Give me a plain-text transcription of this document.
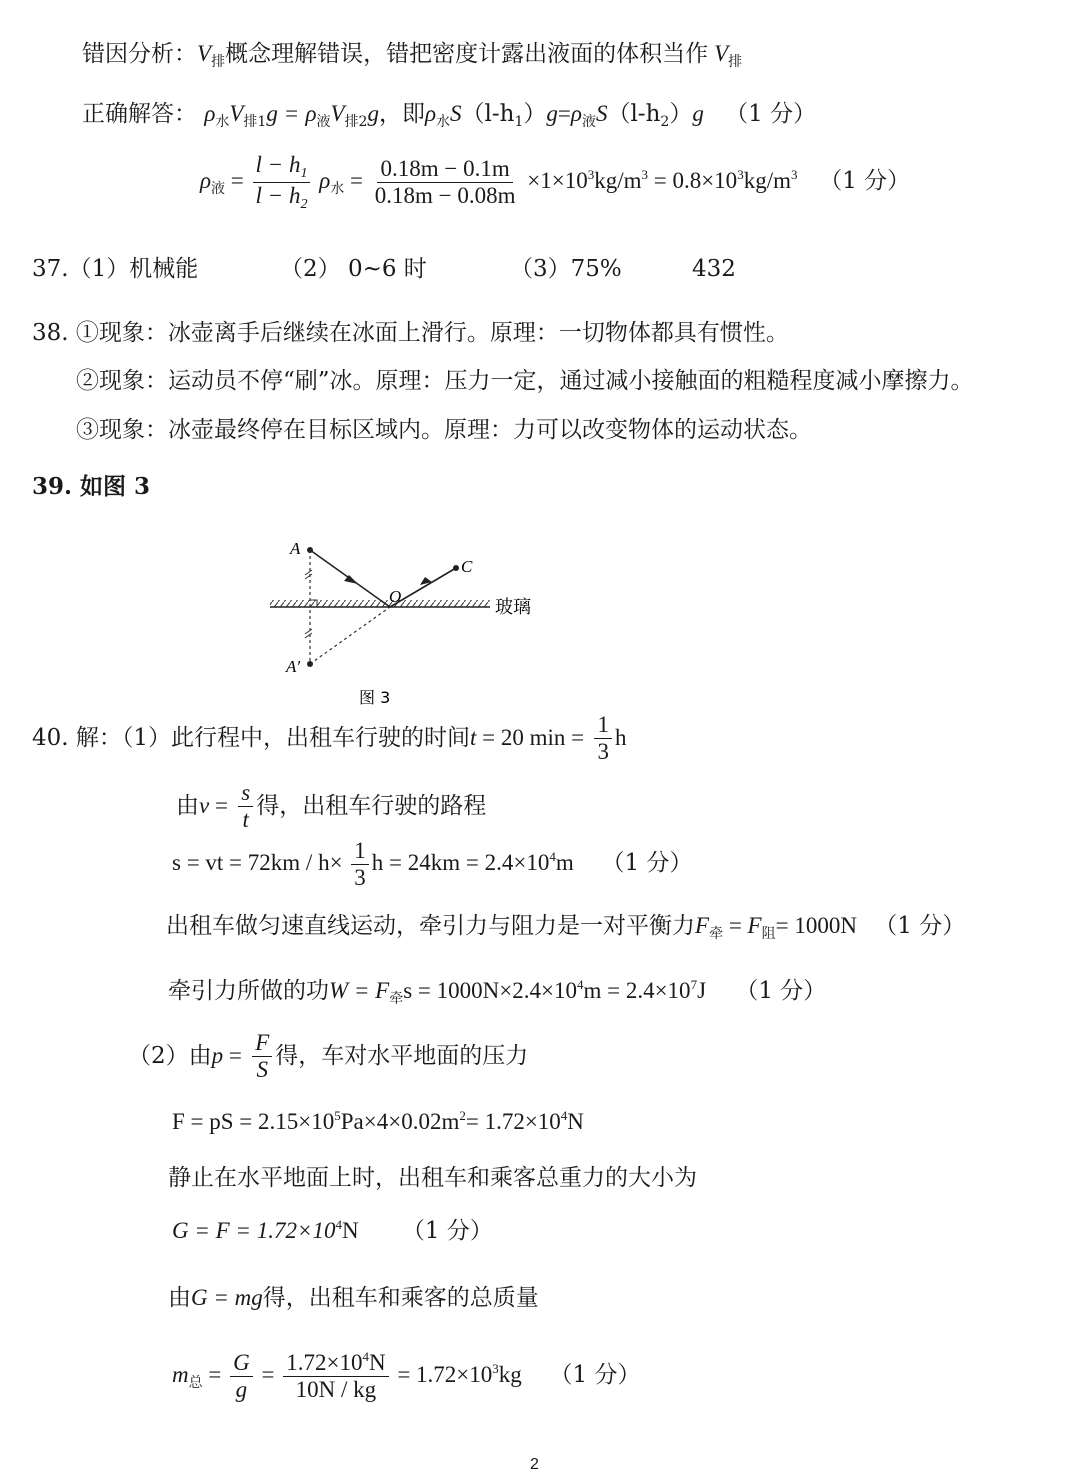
错因分析：$V_排$概念理解错误，错把密度计露出液面的体积当作 $V_排$
正确解答： $\rho_水V_{排1}g = \rho_液V_{排2}g$，即$\rho_水S(l-h_1)g=\rho_液S(l-h_2)g$ （1 分）
$\rho_液 = \frac{l - h_1}{l - h_2} \rho_水 = \frac{0.18m - 0.1m}{0.18m - 0.08m} \times 1\times 10^3kg/m^3 = 0.8\times 10^3kg/m^3$ （1 分）
37.（1）机械能	（2） 0~6 时	（3）75%	432
38. ①现象：冰壶离手后继续在冰面上滑行。原理：一切物体都具有惯性。
②现象：运动员不停“刷”冰。原理：压力一定，通过减小接触面的粗糙程度减小摩擦力。
③现象：冰壶最终停在目标区域内。原理：力可以改变物体的运动状态。
39. 如图 3
A
A′
O
C
玻璃
图 3
40. 解：（1）此行程中，出租车行驶的时间t = 20 $\min = \frac{1}{3}$ h
由$v = \frac{s}{t}$ 得，出租车行驶的路程
s = vt = $72km / h\times \frac{1}{3}$ $h = 24km = 2.4\times 10^4m$ （1 分）
出租车做匀速直线运动，牵引力与阻力是一对平衡力$F_牵 = F_阻= 1000N$ （1 分）
牵引力所做的功$W = F_牵s = 1000N\times 2.4\times 10^4m = 2.4\times 10^7J$ （1 分）
（2）由$p = \frac{F}{S}$ 得，车对水平地面的压力
F = pS = $2.15\times 10^5Pa\times 4\times 0.02m^2= 1.72\times 10^4N$
静止在水平地面上时，出租车和乘客总重力的大小为
$G = F = 1.72\times 10^4N$ （1 分）
由G = mg得，出租车和乘客的总质量
$m_总 = \frac{G}{g} = \frac{1.72\times 10^4N}{10N / kg} = 1.72\times 10^3kg$ （1 分）
2
